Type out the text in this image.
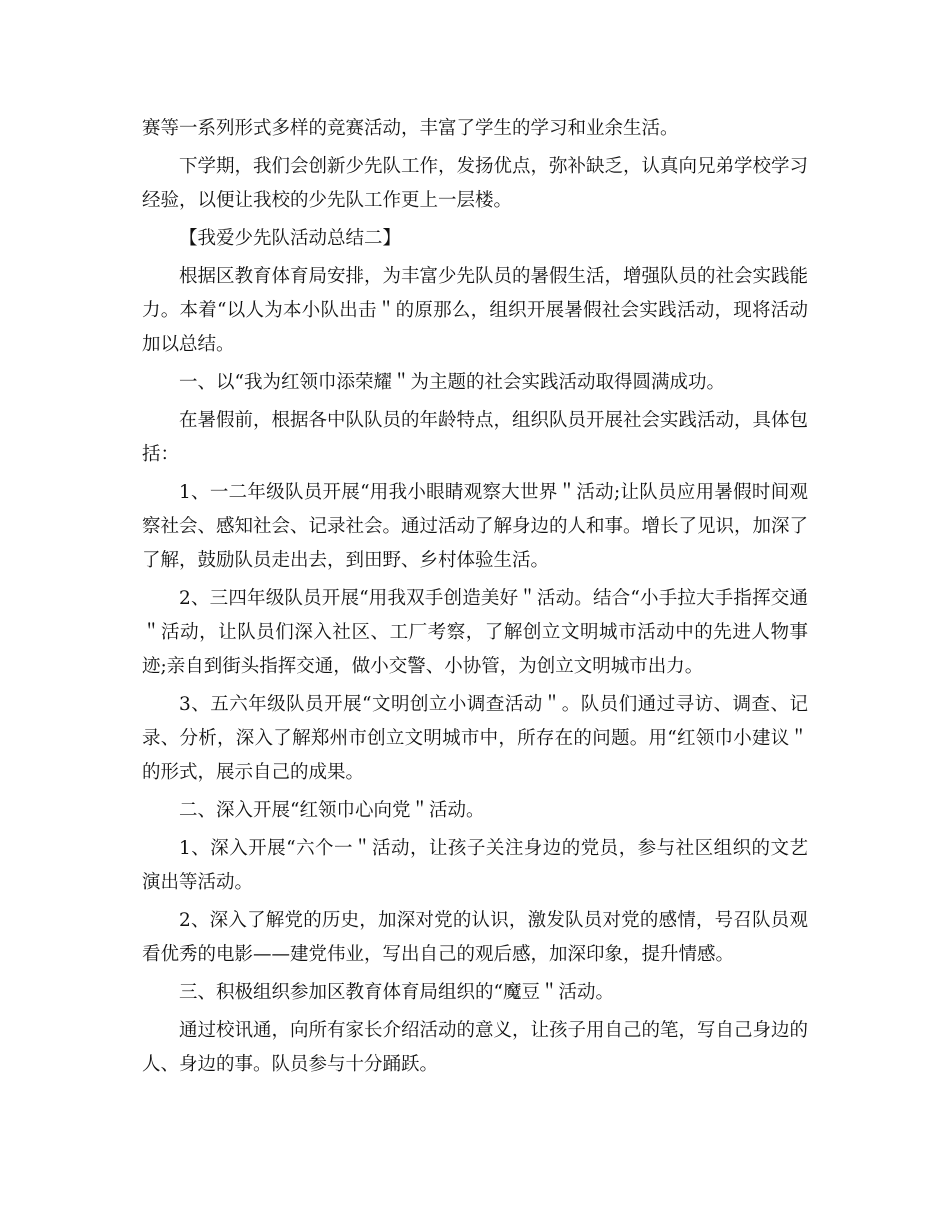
赛等一系列形式多样的竞赛活动，丰富了学生的学习和业余生活。

下学期，我们会创新少先队工作，发扬优点，弥补缺乏，认真向兄弟学校学习经验，以便让我校的少先队工作更上一层楼。

【我爱少先队活动总结二】

根据区教育体育局安排，为丰富少先队员的暑假生活，增强队员的社会实践能力。本着“以人为本小队出击＂的原那么，组织开展暑假社会实践活动，现将活动加以总结。

一、以“我为红领巾添荣耀＂为主题的社会实践活动取得圆满成功。

在暑假前，根据各中队队员的年龄特点，组织队员开展社会实践活动，具体包括：

1、一二年级队员开展“用我小眼睛观察大世界＂活动;让队员应用暑假时间观察社会、感知社会、记录社会。通过活动了解身边的人和事。增长了见识，加深了了解，鼓励队员走出去，到田野、乡村体验生活。

2、三四年级队员开展“用我双手创造美好＂活动。结合“小手拉大手指挥交通＂活动，让队员们深入社区、工厂考察，了解创立文明城市活动中的先进人物事迹;亲自到街头指挥交通，做小交警、小协管，为创立文明城市出力。

3、五六年级队员开展“文明创立小调查活动＂。队员们通过寻访、调查、记录、分析，深入了解郑州市创立文明城市中，所存在的问题。用“红领巾小建议＂的形式，展示自己的成果。

二、深入开展“红领巾心向党＂活动。

1、深入开展“六个一＂活动，让孩子关注身边的党员，参与社区组织的文艺演出等活动。

2、深入了解党的历史，加深对党的认识，激发队员对党的感情，号召队员观看优秀的电影——建党伟业，写出自己的观后感，加深印象，提升情感。

三、积极组织参加区教育体育局组织的“魔豆＂活动。

通过校讯通，向所有家长介绍活动的意义，让孩子用自己的笔，写自己身边的人、身边的事。队员参与十分踊跃。
